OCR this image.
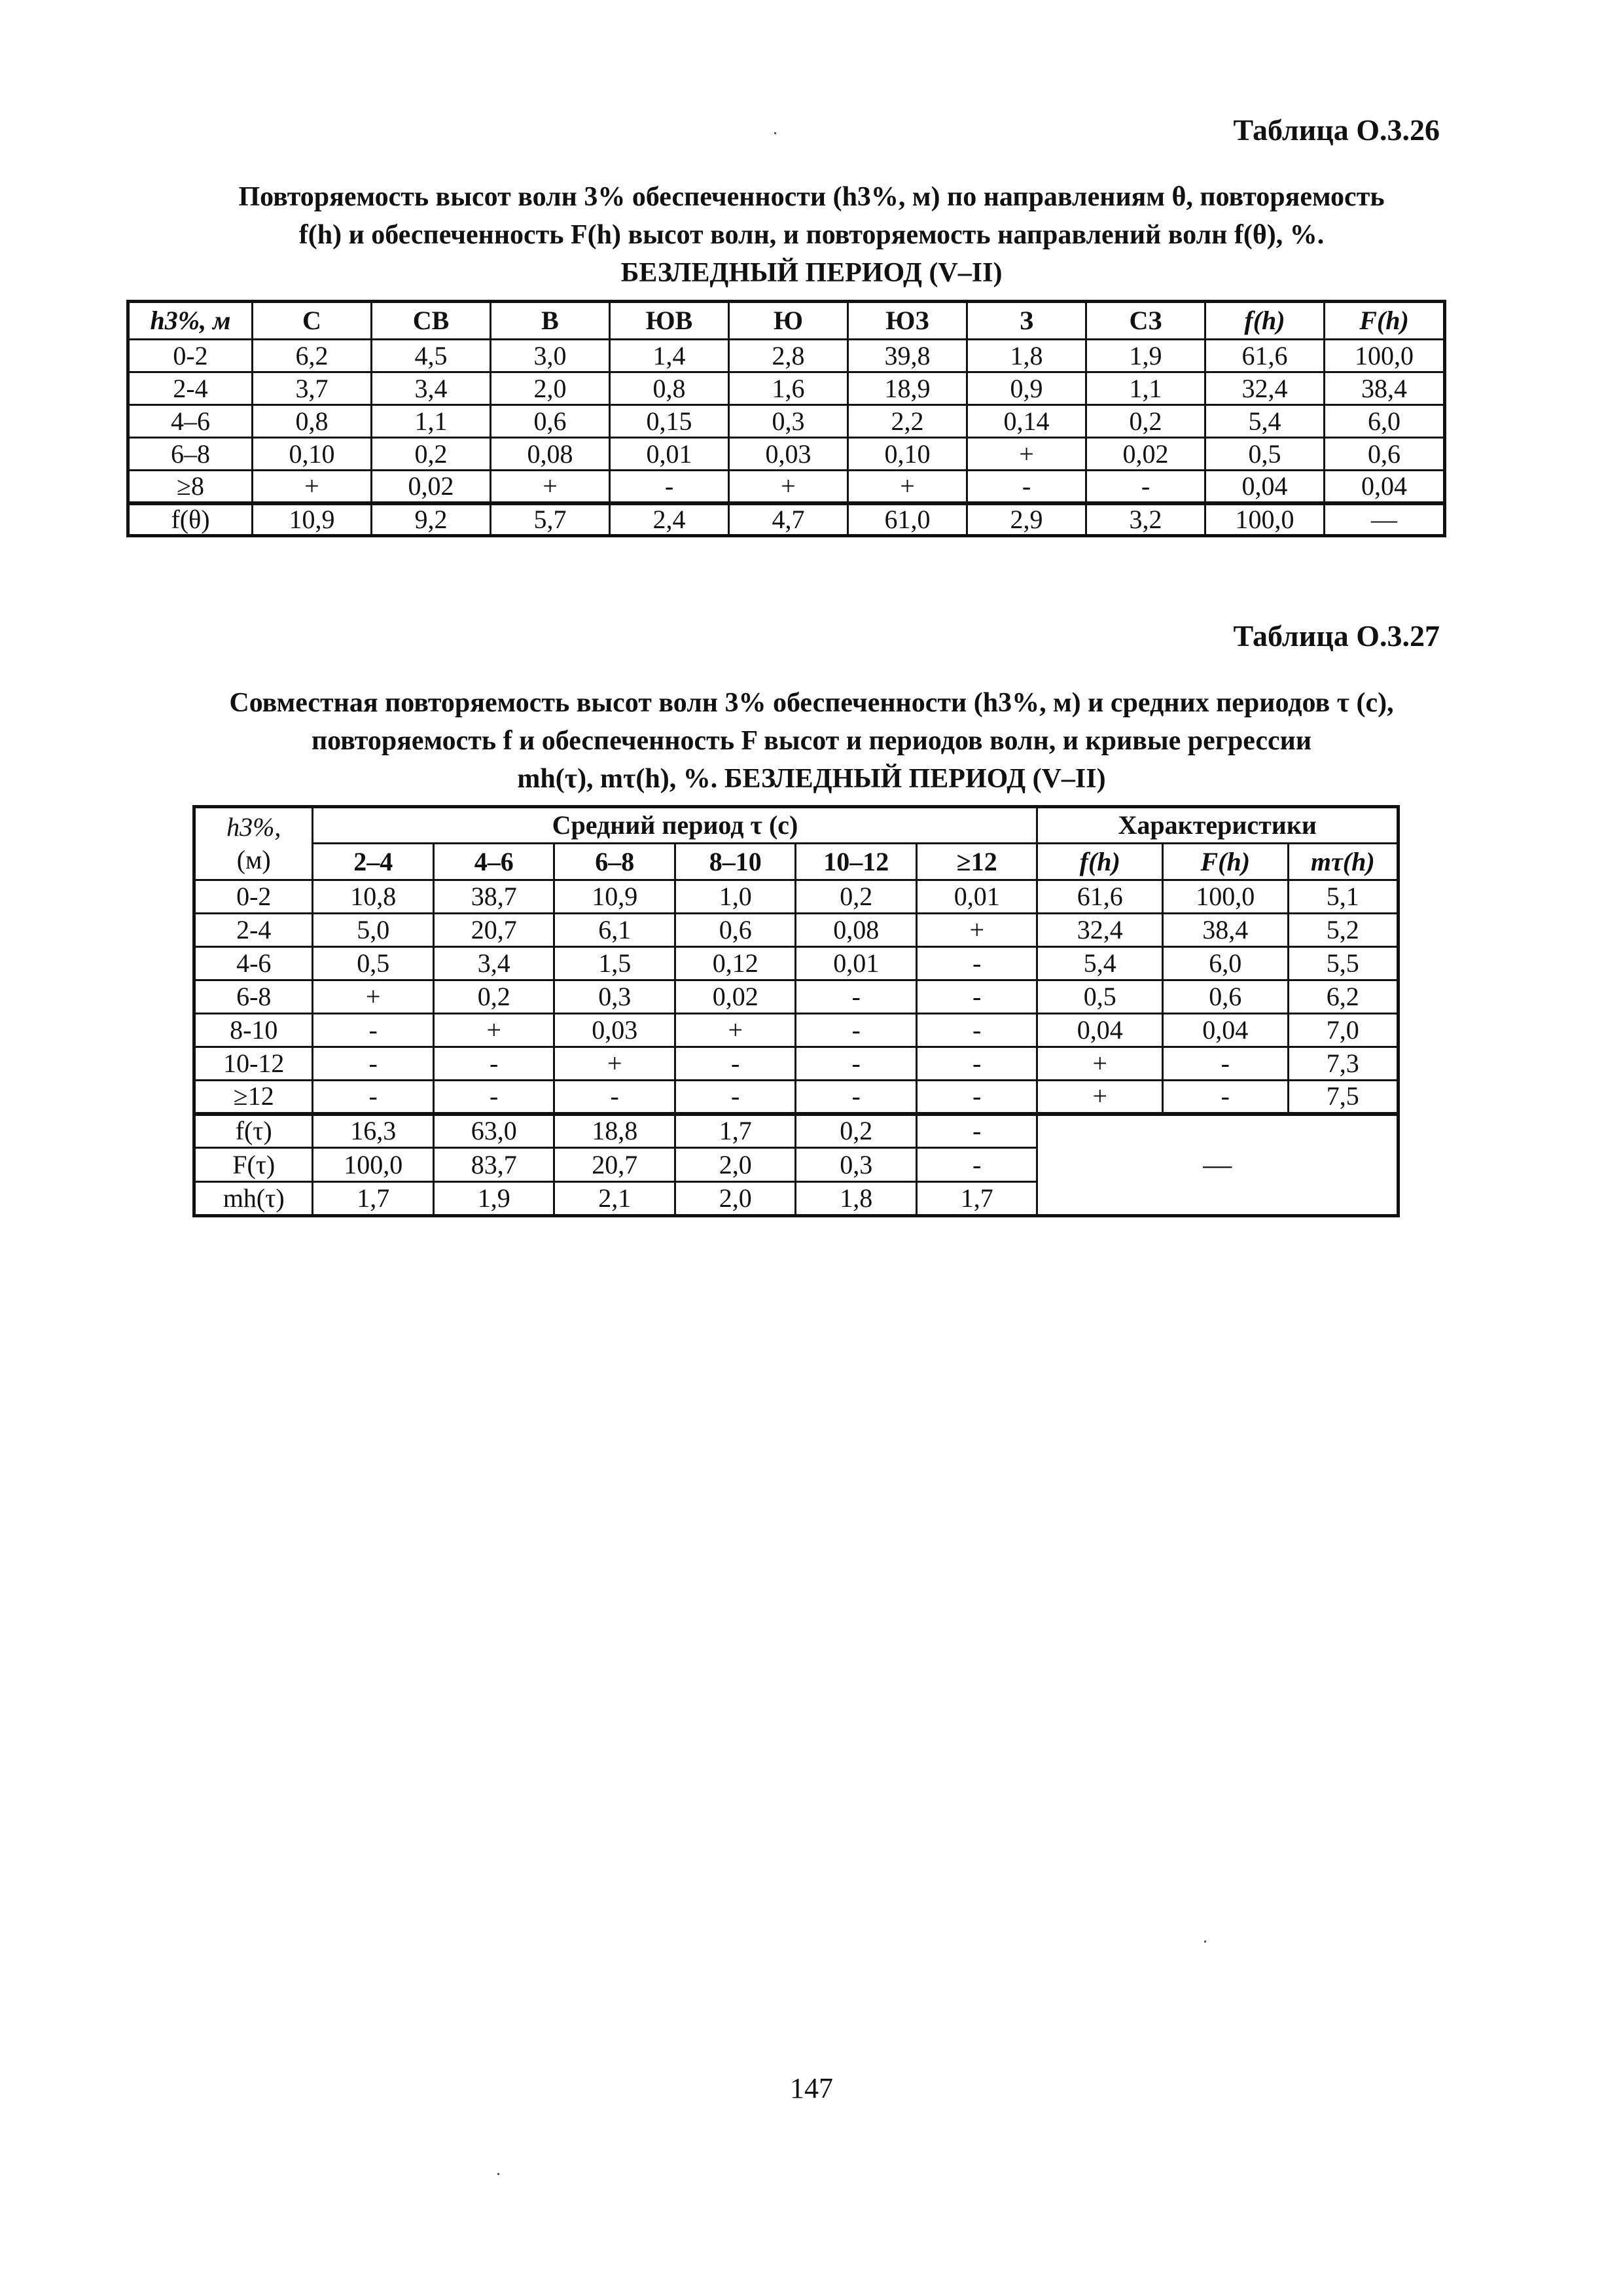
Таблица О.3.26
Повторяемость высот волн 3% обеспеченности (h3%, м) по направлениям θ, повторяемость
f(h) и обеспеченность F(h) высот волн, и повторяемость направлений волн f(θ), %.
БЕЗЛЕДНЫЙ ПЕРИОД (V–II)
h3%, м	С	СВ	В	ЮВ	Ю	ЮЗ	З	СЗ	f(h)	F(h)
0-2	6,2	4,5	3,0	1,4	2,8	39,8	1,8	1,9	61,6	100,0
2-4	3,7	3,4	2,0	0,8	1,6	18,9	0,9	1,1	32,4	38,4
4–6	0,8	1,1	0,6	0,15	0,3	2,2	0,14	0,2	5,4	6,0
6–8	0,10	0,2	0,08	0,01	0,03	0,10	+	0,02	0,5	0,6
≥8	+	0,02	+	-	+	+	-	-	0,04	0,04
f(θ)	10,9	9,2	5,7	2,4	4,7	61,0	2,9	3,2	100,0	—
Таблица О.3.27
Совместная повторяемость высот волн 3% обеспеченности (h3%, м) и средних периодов τ (с),
повторяемость f и обеспеченность F высот и периодов волн, и кривые регрессии
mh(τ), mτ(h), %. БЕЗЛЕДНЫЙ ПЕРИОД (V–II)
h3%,
(м)	Средний период τ (с)						Характеристики		
	2–4	4–6	6–8	8–10	10–12	≥12	f(h)	F(h)	mτ(h)
0-2	10,8	38,7	10,9	1,0	0,2	0,01	61,6	100,0	5,1
2-4	5,0	20,7	6,1	0,6	0,08	+	32,4	38,4	5,2
4-6	0,5	3,4	1,5	0,12	0,01	-	5,4	6,0	5,5
6-8	+	0,2	0,3	0,02	-	-	0,5	0,6	6,2
8-10	-	+	0,03	+	-	-	0,04	0,04	7,0
10-12	-	-	+	-	-	-	+	-	7,3
≥12	-	-	-	-	-	-	+	-	7,5
f(τ)	16,3	63,0	18,8	1,7	0,2	-	—		
F(τ)	100,0	83,7	20,7	2,0	0,3	-			
mh(τ)	1,7	1,9	2,1	2,0	1,8	1,7			
147
